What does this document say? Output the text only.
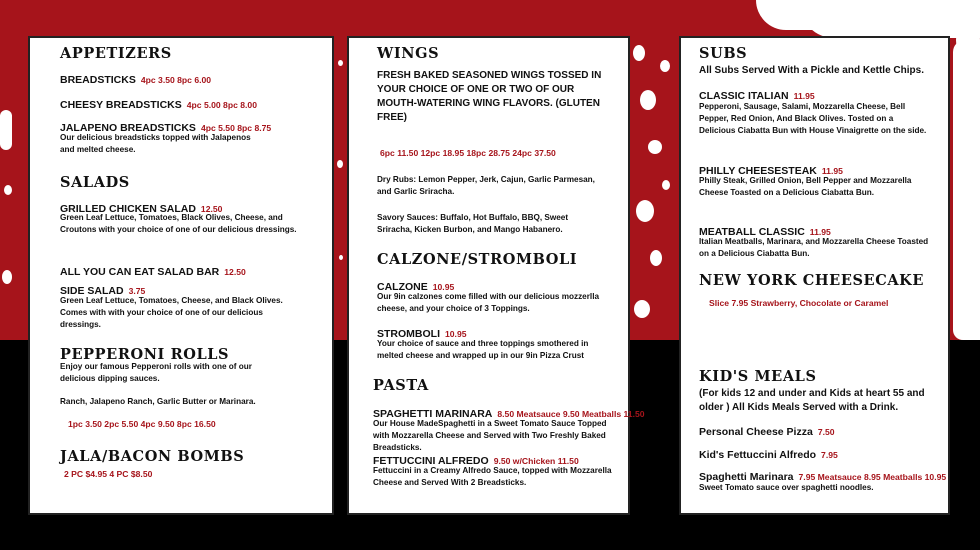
APPETIZERS
BREADSTICKS 4pc 3.50 8pc 6.00
CHEESY BREADSTICKS 4pc 5.00 8pc 8.00
JALAPENO BREADSTICKS 4pc 5.50 8pc 8.75
Our delicious breadsticks topped with Jalapenos and melted cheese.
SALADS
GRILLED CHICKEN SALAD 12.50
Green Leaf Lettuce, Tomatoes, Black Olives, Cheese, and Croutons with your choice of one of our delicious dressings.
ALL YOU CAN EAT SALAD BAR 12.50
SIDE SALAD 3.75
Green Leaf Lettuce, Tomatoes, Cheese, and Black Olives. Comes with with your choice of one of our delicious dressings.
PEPPERONI ROLLS
Enjoy our famous Pepperoni rolls with one of our delicious dipping sauces.
Ranch, Jalapeno Ranch, Garlic Butter or Marinara.
1pc 3.50 2pc 5.50 4pc 9.50 8pc 16.50
JALA/BACON BOMBS
2 PC $4.95 4 PC $8.50
WINGS
FRESH BAKED SEASONED WINGS TOSSED IN YOUR CHOICE OF ONE OR TWO OF OUR MOUTH-WATERING WING FLAVORS. (GLUTEN FREE)
6pc 11.50 12pc 18.95 18pc 28.75 24pc 37.50
Dry Rubs: Lemon Pepper, Jerk, Cajun, Garlic Parmesan, and Garlic Sriracha.
Savory Sauces: Buffalo, Hot Buffalo, BBQ, Sweet Sriracha, Kicken Burbon, and Mango Habanero.
CALZONE/STROMBOLI
CALZONE 10.95
Our 9in calzones come filled with our delicious mozzerlla cheese, and your choice of 3 Toppings.
STROMBOLI 10.95
Your choice of sauce and three toppings smothered in melted cheese and wrapped up in our 9in Pizza Crust
PASTA
SPAGHETTI MARINARA 8.50 Meatsauce 9.50 Meatballs 11.50
Our House MadeSpaghetti in a Sweet Tomato Sauce Topped with Mozzarella Cheese and Served with Two Freshly Baked Breadsticks.
FETTUCCINI ALFREDO 9.50 w/Chicken 11.50
Fettuccini in a Creamy Alfredo Sauce, topped with Mozzarella Cheese and Served With 2 Breadsticks.
SUBS
All Subs Served With a Pickle and Kettle Chips.
CLASSIC ITALIAN 11.95
Pepperoni, Sausage, Salami, Mozzarella Cheese, Bell Pepper, Red Onion, And Black Olives. Tosted on a Delicious Ciabatta Bun with House Vinaigrette on the side.
PHILLY CHEESESTEAK 11.95
Philly Steak, Grilled Onion, Bell Pepper and Mozzarella Cheese Toasted on a Delicious Ciabatta Bun.
MEATBALL CLASSIC 11.95
Italian Meatballs, Marinara, and Mozzarella Cheese Toasted on a Delicious Ciabatta Bun.
NEW YORK CHEESECAKE
Slice 7.95 Strawberry, Chocolate or Caramel
KID'S MEALS
(For kids 12 and under and Kids at heart 55 and older ) All Kids Meals Served with a Drink.
Personal Cheese Pizza 7.50
Kid's Fettuccini Alfredo 7.95
Spaghetti Marinara 7.95 Meatsauce 8.95 Meatballs 10.95
Sweet Tomato sauce over spaghetti noodles.
